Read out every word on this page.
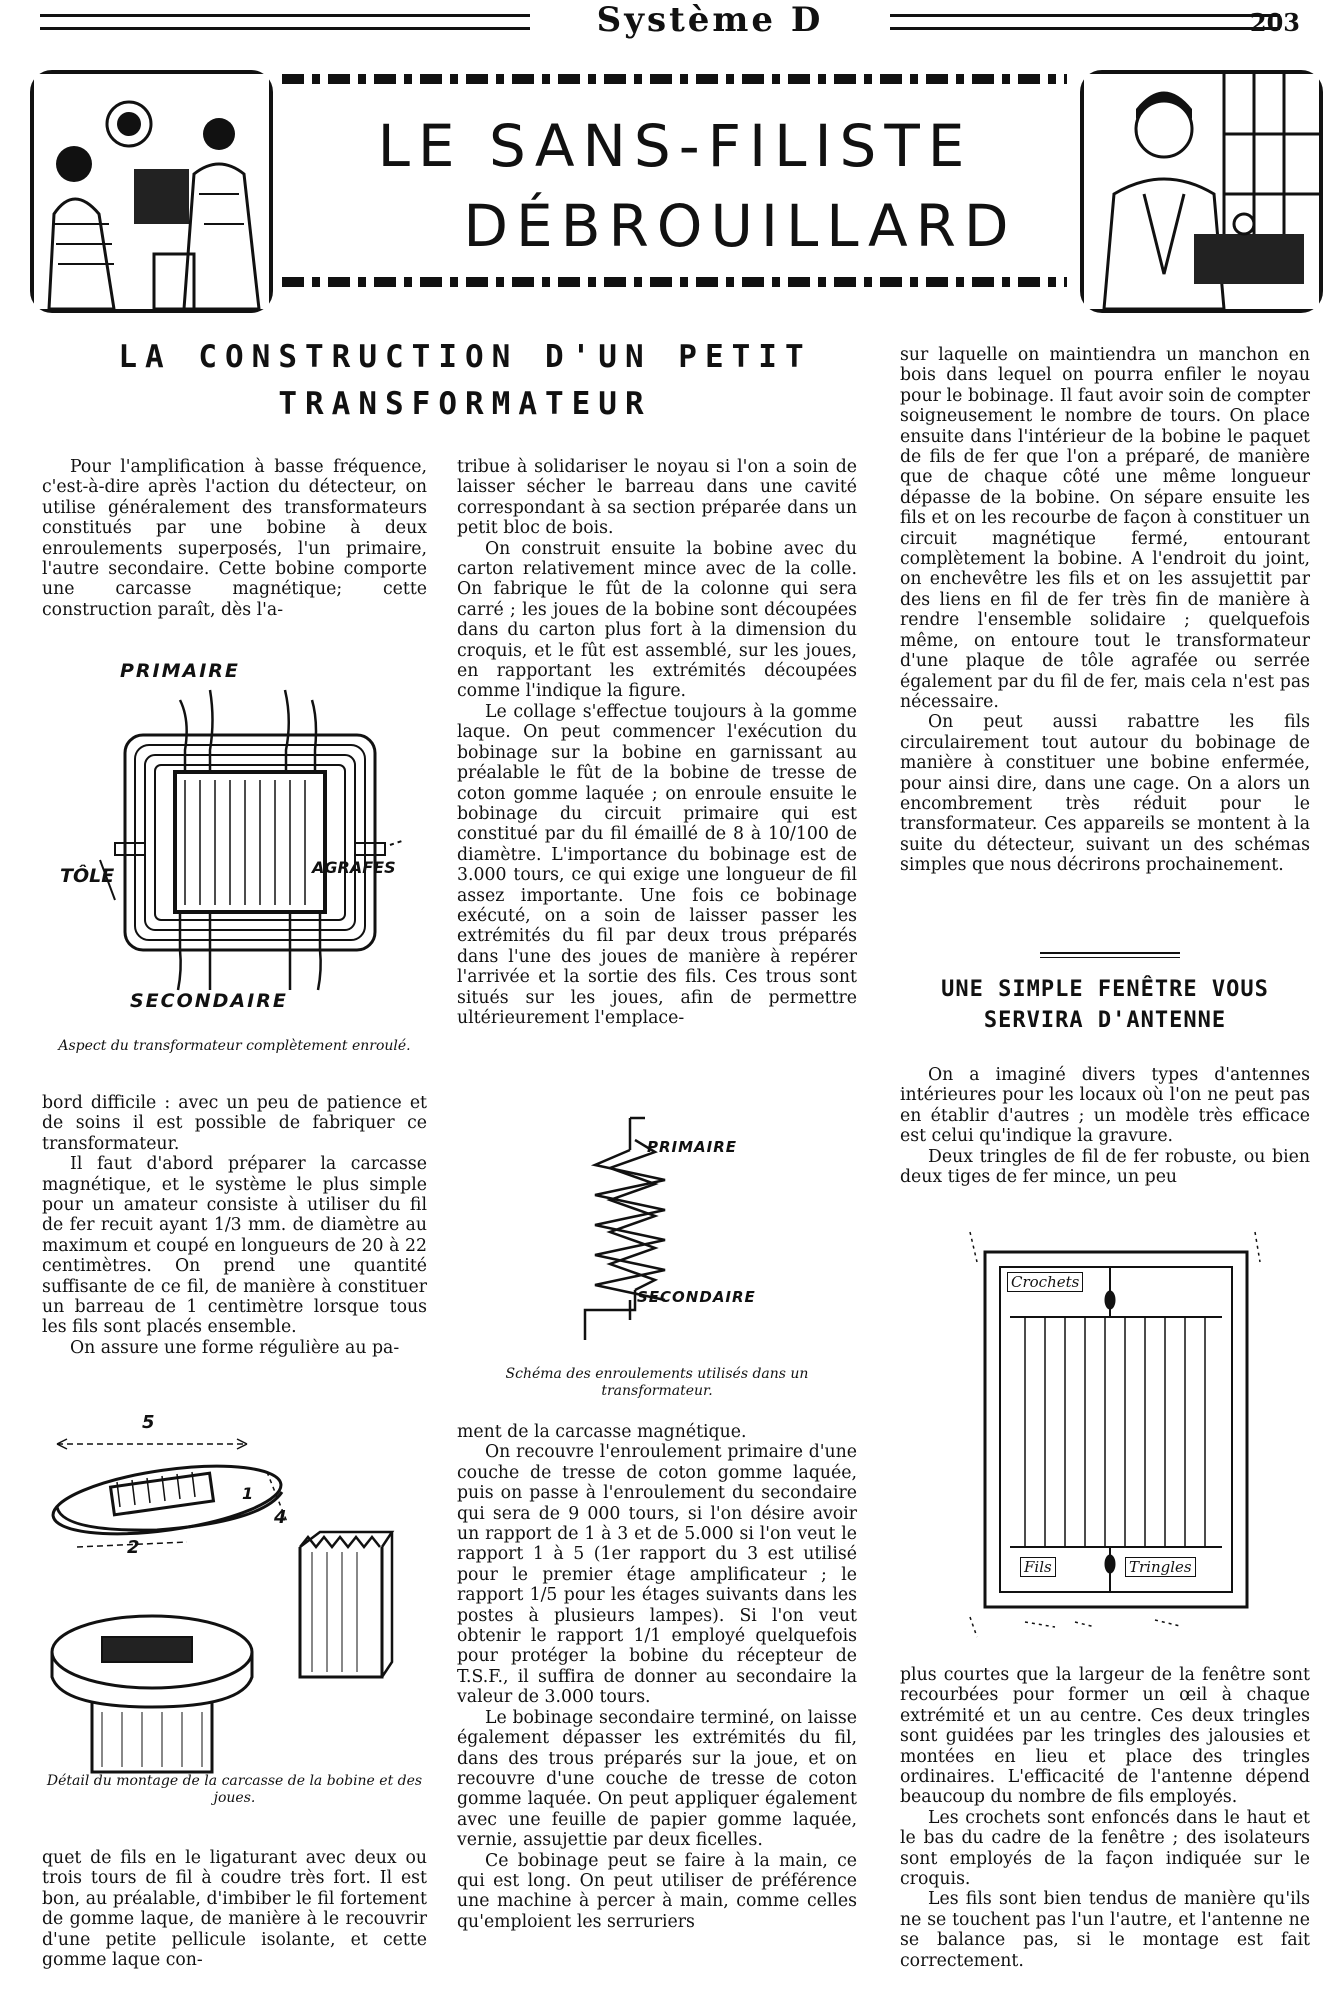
Système D	203
LE SANS-FILISTE
DÉBROUILLARD
LA CONSTRUCTION D'UN PETIT
TRANSFORMATEUR

Pour l'amplification à basse fréquence, c'est-à-dire après l'action du détecteur, on utilise généralement des transformateurs constitués par une bobine à deux enroulements superposés, l'un primaire, l'autre secondaire. Cette bobine comporte une carcasse magnétique; cette construction paraît, dès l'a-

PRIMAIRE
TÔLE	AGRAFES
SECONDAIRE
Aspect du transformateur complètement enroulé.

bord difficile : avec un peu de patience et de soins il est possible de fabriquer ce transformateur.

Il faut d'abord préparer la carcasse magnétique, et le système le plus simple pour un amateur consiste à utiliser du fil de fer recuit ayant 1/3 mm. de diamètre au maximum et coupé en longueurs de 20 à 22 centimètres. On prend une quantité suffisante de ce fil, de manière à constituer un barreau de 1 centimètre lorsque tous les fils sont placés ensemble.

On assure une forme régulière au pa-

5
2
1
4
Détail du montage de la carcasse de la bobine et des joues.

quet de fils en le ligaturant avec deux ou trois tours de fil à coudre très fort. Il est bon, au préalable, d'imbiber le fil fortement de gomme laque, de manière à le recouvrir d'une petite pellicule isolante, et cette gomme laque con-

tribue à solidariser le noyau si l'on a soin de laisser sécher le barreau dans une cavité correspondant à sa section préparée dans un petit bloc de bois.

On construit ensuite la bobine avec du carton relativement mince avec de la colle. On fabrique le fût de la colonne qui sera carré ; les joues de la bobine sont découpées dans du carton plus fort à la dimension du croquis, et le fût est assemblé, sur les joues, en rapportant les extrémités découpées comme l'indique la figure.

Le collage s'effectue toujours à la gomme laque. On peut commencer l'exécution du bobinage sur la bobine en garnissant au préalable le fût de la bobine de tresse de coton gomme laquée ; on enroule ensuite le bobinage du circuit primaire qui est constitué par du fil émaillé de 8 à 10/100 de diamètre. L'importance du bobinage est de 3.000 tours, ce qui exige une longueur de fil assez importante. Une fois ce bobinage exécuté, on a soin de laisser passer les extrémités du fil par deux trous préparés dans l'une des joues de manière à repérer l'arrivée et la sortie des fils. Ces trous sont situés sur les joues, afin de permettre ultérieurement l'emplace-

PRIMAIRE
SECONDAIRE
Schéma des enroulements utilisés dans un transformateur.

ment de la carcasse magnétique.

On recouvre l'enroulement primaire d'une couche de tresse de coton gomme laquée, puis on passe à l'enroulement du secondaire qui sera de 9 000 tours, si l'on désire avoir un rapport de 1 à 3 et de 5.000 si l'on veut le rapport 1 à 5 (1er rapport du 3 est utilisé pour le premier étage amplificateur ; le rapport 1/5 pour les étages suivants dans les postes à plusieurs lampes). Si l'on veut obtenir le rapport 1/1 employé quelquefois pour protéger la bobine du récepteur de T.S.F., il suffira de donner au secondaire la valeur de 3.000 tours.

Le bobinage secondaire terminé, on laisse également dépasser les extrémités du fil, dans des trous préparés sur la joue, et on recouvre d'une couche de tresse de coton gomme laquée. On peut appliquer également avec une feuille de papier gomme laquée, vernie, assujettie par deux ficelles.

Ce bobinage peut se faire à la main, ce qui est long. On peut utiliser de préférence une machine à percer à main, comme celles qu'emploient les serruriers

sur laquelle on maintiendra un manchon en bois dans lequel on pourra enfiler le noyau pour le bobinage. Il faut avoir soin de compter soigneusement le nombre de tours. On place ensuite dans l'intérieur de la bobine le paquet de fils de fer que l'on a préparé, de manière que de chaque côté une même longueur dépasse de la bobine. On sépare ensuite les fils et on les recourbe de façon à constituer un circuit magnétique fermé, entourant complètement la bobine. A l'endroit du joint, on enchevêtre les fils et on les assujettit par des liens en fil de fer très fin de manière à rendre l'ensemble solidaire ; quelquefois même, on entoure tout le transformateur d'une plaque de tôle agrafée ou serrée également par du fil de fer, mais cela n'est pas nécessaire.

On peut aussi rabattre les fils circulairement tout autour du bobinage de manière à constituer une bobine enfermée, pour ainsi dire, dans une cage. On a alors un encombrement très réduit pour le transformateur. Ces appareils se montent à la suite du détecteur, suivant un des schémas simples que nous décrirons prochainement.

UNE SIMPLE FENÊTRE VOUS
SERVIRA D'ANTENNE

On a imaginé divers types d'antennes intérieures pour les locaux où l'on ne peut pas en établir d'autres ; un modèle très efficace est celui qu'indique la gravure.

Deux tringles de fil de fer robuste, ou bien deux tiges de fer mince, un peu

Crochets
Fils	Tringles

plus courtes que la largeur de la fenêtre sont recourbées pour former un œil à chaque extrémité et un au centre. Ces deux tringles sont guidées par les tringles des jalousies et montées en lieu et place des tringles ordinaires. L'efficacité de l'antenne dépend beaucoup du nombre de fils employés.

Les crochets sont enfoncés dans le haut et le bas du cadre de la fenêtre ; des isolateurs sont employés de la façon indiquée sur le croquis.

Les fils sont bien tendus de manière qu'ils ne se touchent pas l'un l'autre, et l'antenne ne se balance pas, si le montage est fait correctement.
